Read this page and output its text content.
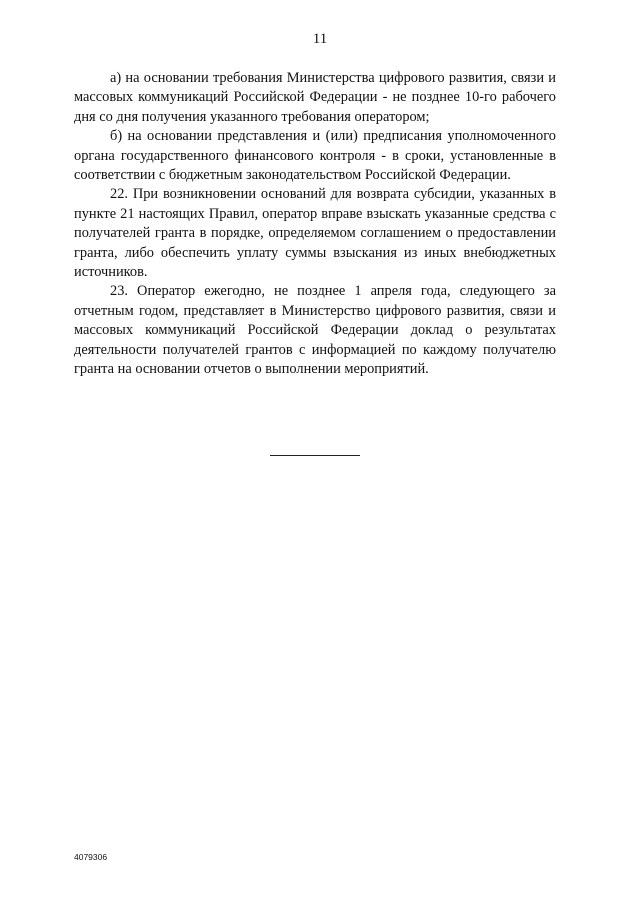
11

а) на основании требования Министерства цифрового развития, связи и массовых коммуникаций Российской Федерации - не позднее 10-го рабочего дня со дня получения указанного требования оператором;

б) на основании представления и (или) предписания уполномоченного органа государственного финансового контроля - в сроки, установленные в соответствии с бюджетным законодательством Российской Федерации.

22. При возникновении оснований для возврата субсидии, указанных в пункте 21 настоящих Правил, оператор вправе взыскать указанные средства с получателей гранта в порядке, определяемом соглашением о предоставлении гранта, либо обеспечить уплату суммы взыскания из иных внебюджетных источников.

23. Оператор ежегодно, не позднее 1 апреля года, следующего за отчетным годом, представляет в Министерство цифрового развития, связи и массовых коммуникаций Российской Федерации доклад о результатах деятельности получателей грантов с информацией по каждому получателю гранта на основании отчетов о выполнении мероприятий.

4079306
